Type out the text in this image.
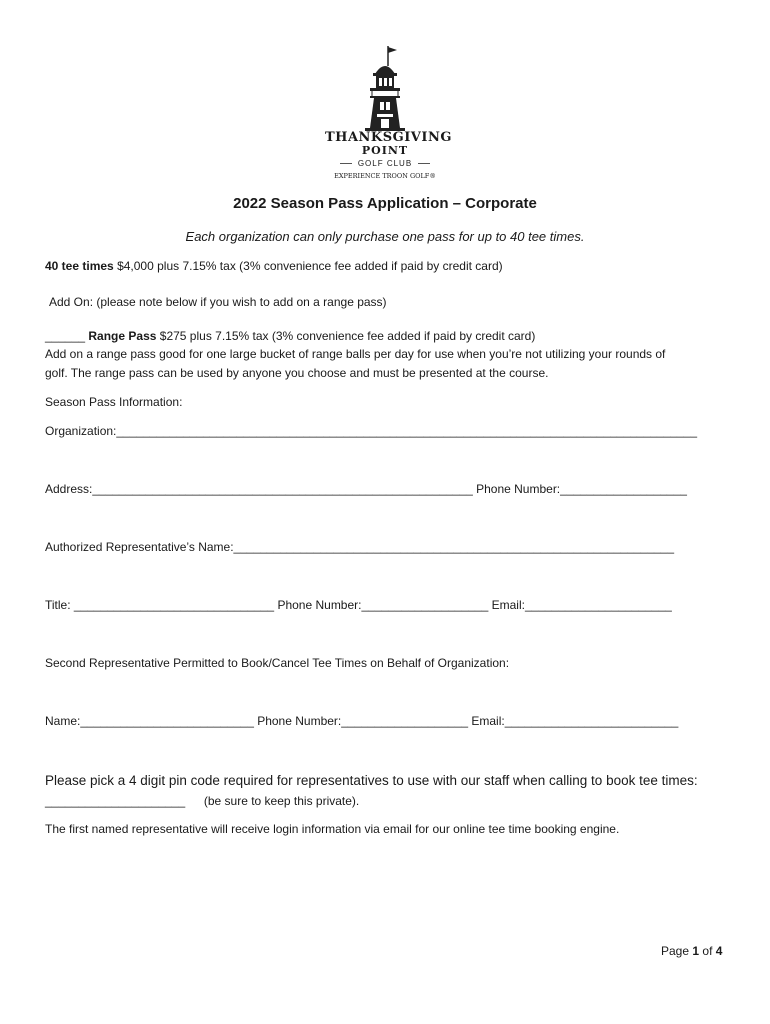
THANKSGIVING
POINT
GOLF CLUB
EXPERIENCE TROON GOLF®
2022 Season Pass Application – Corporate
Each organization can only purchase one pass for up to 40 tee times.
40 tee times $4,000 plus 7.15% tax (3% convenience fee added if paid by credit card)
Add On: (please note below if you wish to add on a range pass)
______ Range Pass $275 plus 7.15% tax (3% convenience fee added if paid by credit card)
Add on a range pass good for one large bucket of range balls per day for use when you’re not utilizing your rounds of
golf. The range pass can be used by anyone you choose and must be presented at the course.
Season Pass Information:
Organization:_______________________________________________________________________________________
Address:_________________________________________________________ Phone Number:___________________
Authorized Representative’s Name:__________________________________________________________________
Title: ______________________________ Phone Number:___________________ Email:______________________
Second Representative Permitted to Book/Cancel Tee Times on Behalf of Organization:
Name:__________________________ Phone Number:___________________ Email:__________________________
Please pick a 4 digit pin code required for representatives to use with our staff when calling to book tee times:
_____________________ (be sure to keep this private).
The first named representative will receive login information via email for our online tee time booking engine.
Page 1 of 4
